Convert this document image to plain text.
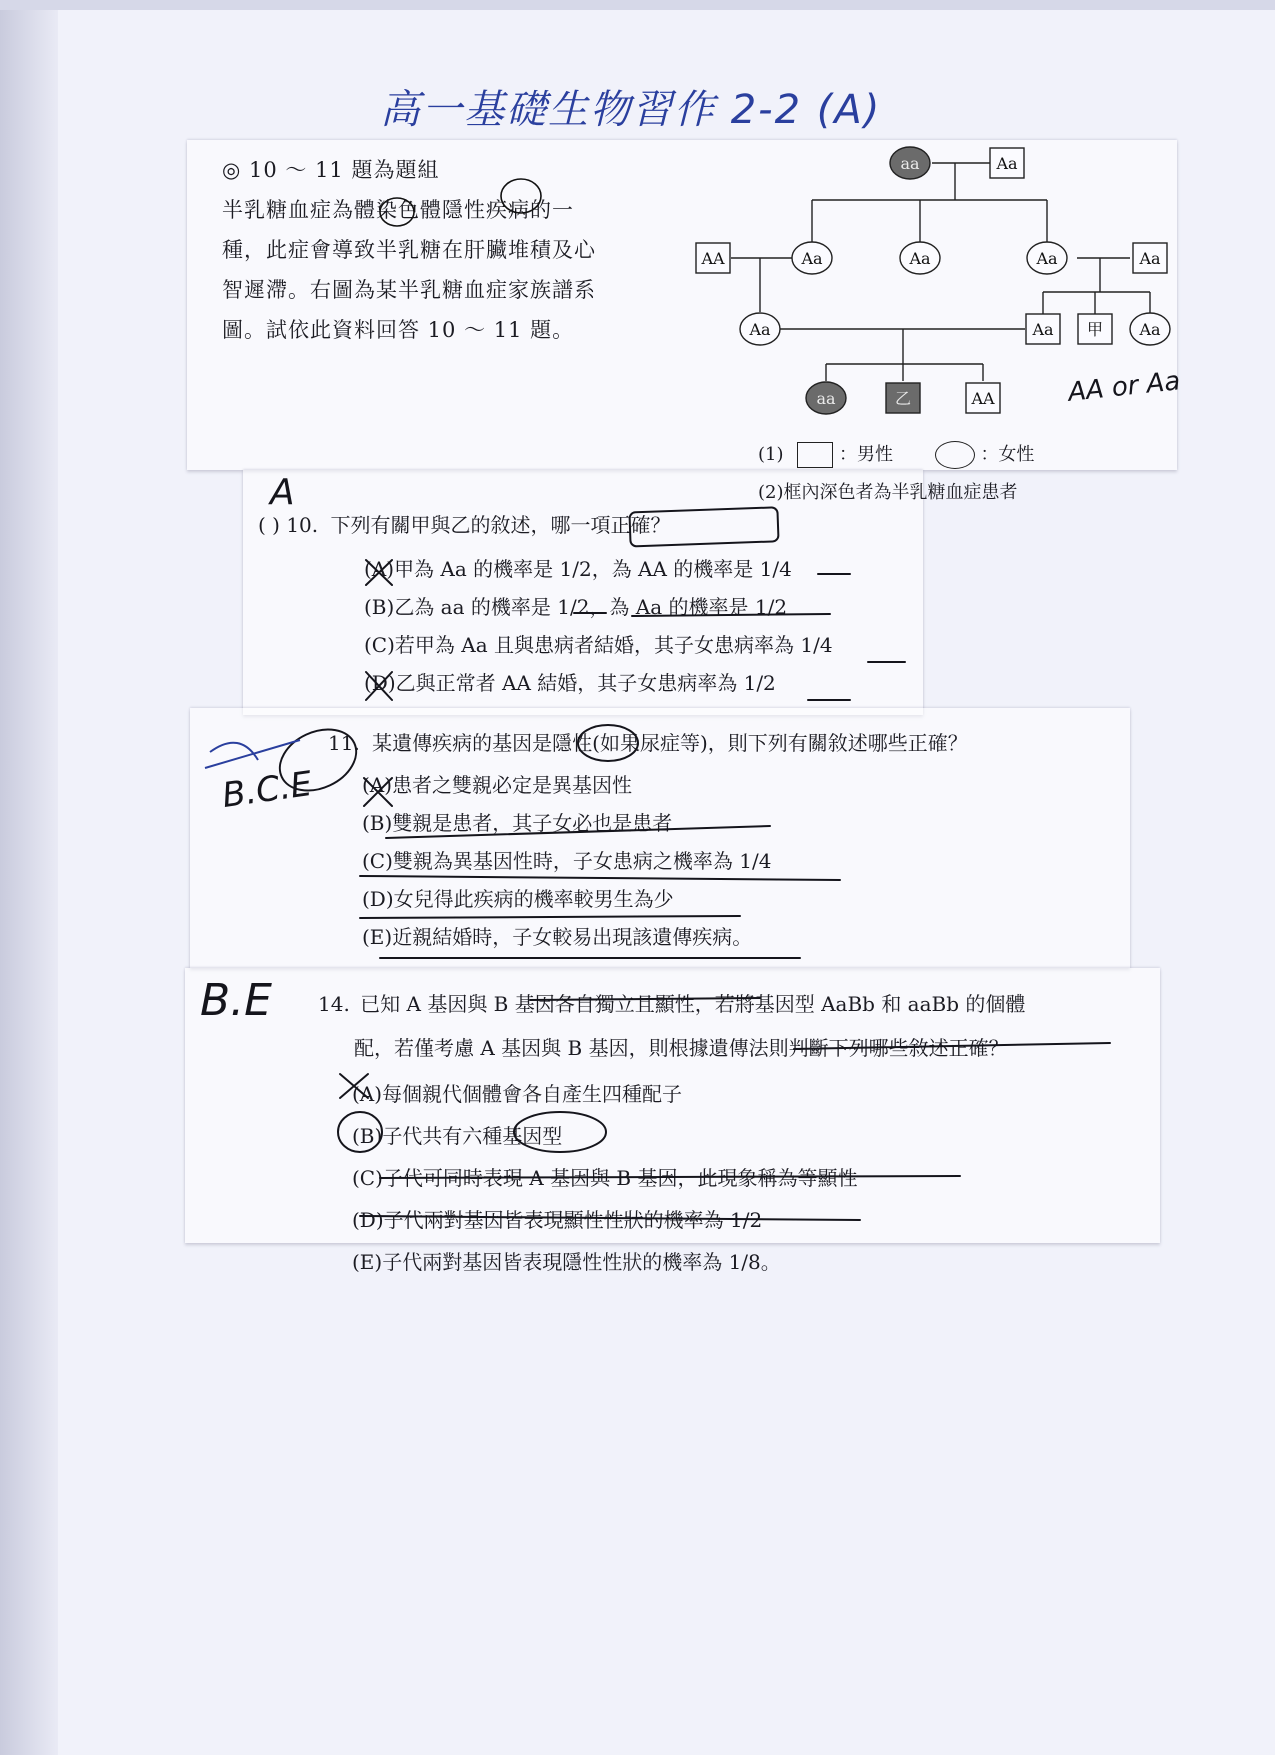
高一基礎生物習作 2-2 (A)

◎ 10 ～ 11 題為題組

半乳糖血症為體染色體隱性疾病的一

種，此症會導致半乳糖在肝臟堆積及心

智遲滯。右圖為某半乳糖血症家族譜系

圖。試依此資料回答 10 ～ 11 題。

aa	Aa
AA	Aa	Aa	Aa	Aa
Aa	Aa 甲 Aa
aa	乙	AA	AA or Aa
(1)	：男性	：女性
(2)框內深色者為半乳糖血症患者
A
( ) 10. 下列有關甲與乙的敘述，哪一項正確？
(A)甲為 Aa 的機率是 1/2，為 AA 的機率是 1/4
(B)乙為 aa 的機率是 1/2，為 Aa 的機率是 1/2
(C)若甲為 Aa 且與患病者結婚，其子女患病率為 1/4
(D)乙與正常者 AA 結婚，其子女患病率為 1/2
B.C.E
11. 某遺傳疾病的基因是隱性(如果尿症等)，則下列有關敘述哪些正確？
(A)患者之雙親必定是異基因性
(B)雙親是患者，其子女必也是患者
(C)雙親為異基因性時，子女患病之機率為 1/4
(D)女兒得此疾病的機率較男生為少
(E)近親結婚時，子女較易出現該遺傳疾病。
B.E 14. 已知 A 基因與 B 基因各自獨立且顯性，若將基因型 AaBb 和 aaBb 的個體
配，若僅考慮 A 基因與 B 基因，則根據遺傳法則判斷下列哪些敘述正確？
(A)每個親代個體會各自產生四種配子
(B)子代共有六種基因型
(C)子代可同時表現 A 基因與 B 基因，此現象稱為等顯性
(D)子代兩對基因皆表現顯性性狀的機率為 1/2
(E)子代兩對基因皆表現隱性性狀的機率為 1/8。
